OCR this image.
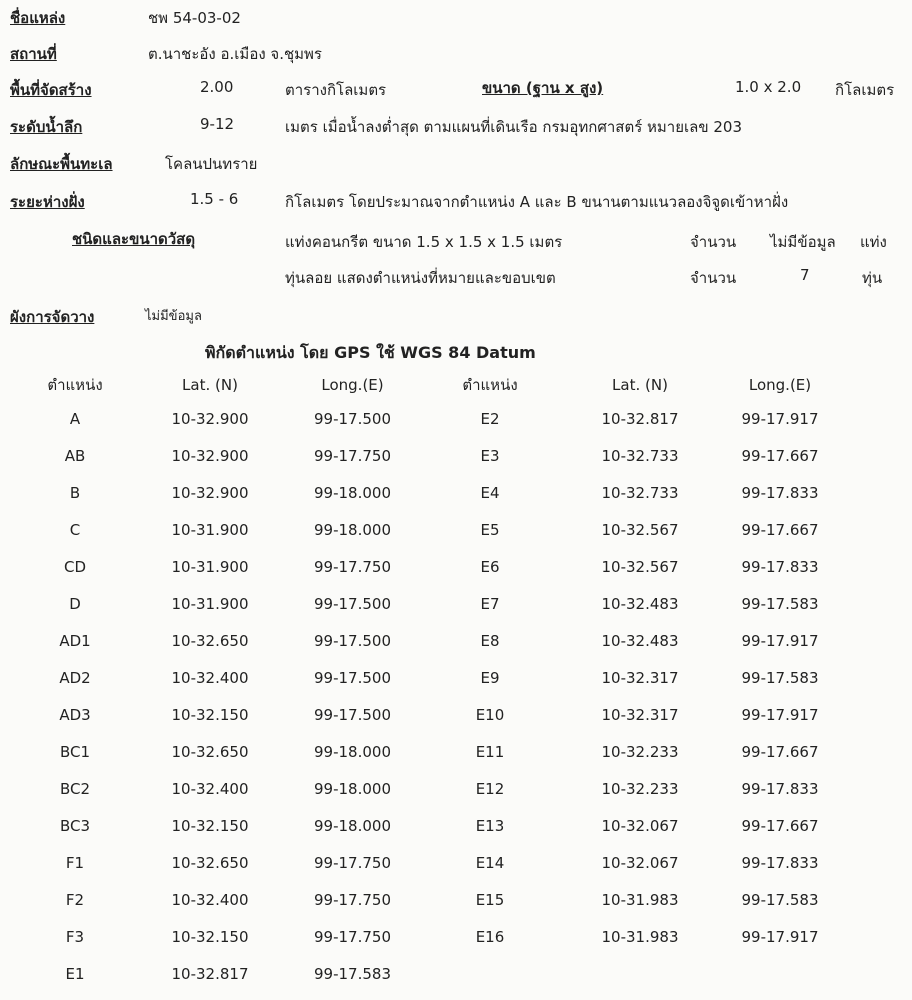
ชื่อแหล่ง	ชพ 54-03-02
สถานที่	ต.นาชะอัง อ.เมือง จ.ชุมพร
พื้นที่จัดสร้าง	2.00	ตารางกิโลเมตร	ขนาด (ฐาน x สูง)	1.0 x 2.0 กิโลเมตร
ระดับน้ำลึก	9-12	เมตร เมื่อน้ำลงต่ำสุด ตามแผนที่เดินเรือ กรมอุทกศาสตร์ หมายเลข 203
ลักษณะพื้นทะเล	โคลนปนทราย
ระยะห่างฝั่ง	1.5 - 6	กิโลเมตร โดยประมาณจากตำแหน่ง A และ B ขนานตามแนวลองจิจูดเข้าหาฝั่ง
ชนิดและขนาดวัสดุ	แท่งคอนกรีต ขนาด 1.5 x 1.5 x 1.5 เมตร	จำนวน ไม่มีข้อมูล แท่ง
ทุ่นลอย แสดงตำแหน่งที่หมายและขอบเขต	จำนวน	7	ทุ่น
ผังการจัดวาง	ไม่มีข้อมูล
พิกัดตำแหน่ง โดย GPS ใช้ WGS 84 Datum
ตำแหน่ง	Lat. (N)	Long.(E)	ตำแหน่ง	Lat. (N)	Long.(E)
A	10-32.900	99-17.500	E2	10-32.817	99-17.917
AB	10-32.900	99-17.750	E3	10-32.733	99-17.667
B	10-32.900	99-18.000	E4	10-32.733	99-17.833
C	10-31.900	99-18.000	E5	10-32.567	99-17.667
CD	10-31.900	99-17.750	E6	10-32.567	99-17.833
D	10-31.900	99-17.500	E7	10-32.483	99-17.583
AD1	10-32.650	99-17.500	E8	10-32.483	99-17.917
AD2	10-32.400	99-17.500	E9	10-32.317	99-17.583
AD3	10-32.150	99-17.500	E10	10-32.317	99-17.917
BC1	10-32.650	99-18.000	E11	10-32.233	99-17.667
BC2	10-32.400	99-18.000	E12	10-32.233	99-17.833
BC3	10-32.150	99-18.000	E13	10-32.067	99-17.667
F1	10-32.650	99-17.750	E14	10-32.067	99-17.833
F2	10-32.400	99-17.750	E15	10-31.983	99-17.583
F3	10-32.150	99-17.750	E16	10-31.983	99-17.917
E1	10-32.817	99-17.583			
